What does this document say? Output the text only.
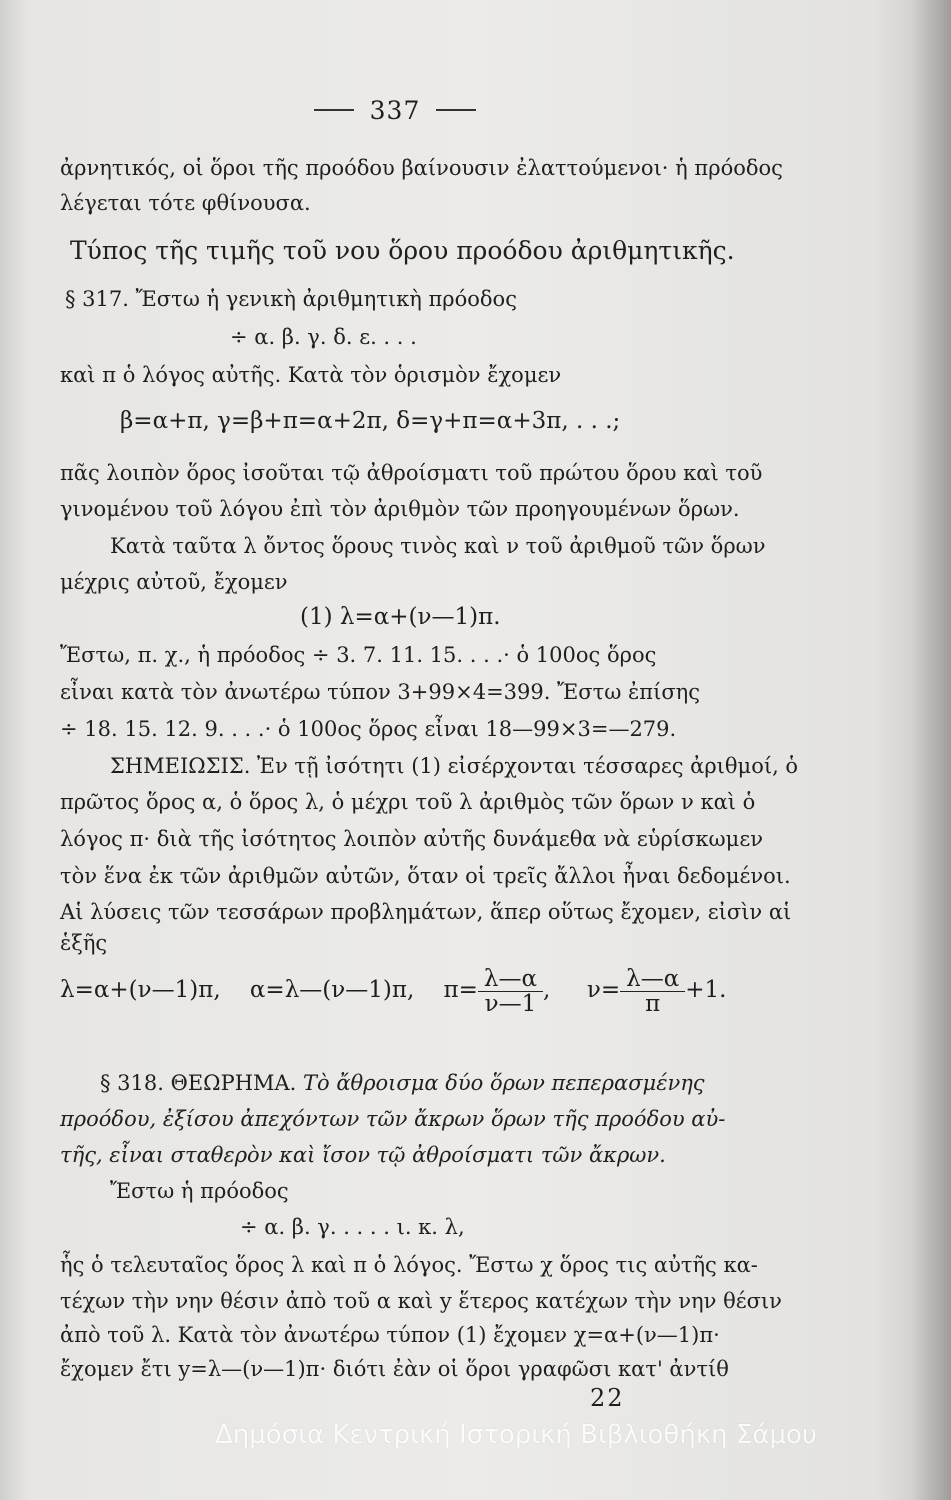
337
ἀρνητικός, οἱ ὅροι τῆς προόδου βαίνουσιν ἐλαττούμενοι· ἡ πρόοδος
λέγεται τότε φθίνουσα.
Τύπος τῆς τιμῆς τοῦ νου ὅρου προόδου ἀριθμητικῆς.
§ 317. Ἔστω ἡ γενικὴ ἀριθμητικὴ πρόοδος
÷ α. β. γ. δ. ε. . . .
καὶ π ὁ λόγος αὐτῆς. Κατὰ τὸν ὁρισμὸν ἔχομεν
β=α+π, γ=β+π=α+2π, δ=γ+π=α+3π, . . .;
πᾶς λοιπὸν ὅρος ἰσοῦται τῷ ἀθροίσματι τοῦ πρώτου ὅρου καὶ τοῦ
γινομένου τοῦ λόγου ἐπὶ τὸν ἀριθμὸν τῶν προηγουμένων ὅρων.
Κατὰ ταῦτα λ ὄντος ὅρους τινὸς καὶ ν τοῦ ἀριθμοῦ τῶν ὅρων
μέχρις αὐτοῦ, ἔχομεν
(1) λ=α+(ν—1)π.
Ἔστω, π. χ., ἡ πρόοδος ÷ 3. 7. 11. 15. . . .· ὁ 100ος ὅρος
εἶναι κατὰ τὸν ἀνωτέρω τύπον 3+99×4=399. Ἔστω ἐπίσης
÷ 18. 15. 12. 9. . . .· ὁ 100ος ὅρος εἶναι 18—99×3=—279.
ΣΗΜΕΙΩΣΙΣ. Ἐν τῇ ἰσότητι (1) εἰσέρχονται τέσσαρες ἀριθμοί, ὁ
πρῶτος ὅρος α, ὁ ὅρος λ, ὁ μέχρι τοῦ λ ἀριθμὸς τῶν ὅρων ν καὶ ὁ
λόγος π· διὰ τῆς ἰσότητος λοιπὸν αὐτῆς δυνάμεθα νὰ εὑρίσκωμεν
τὸν ἕνα ἐκ τῶν ἀριθμῶν αὐτῶν, ὅταν οἱ τρεῖς ἄλλοι ἦναι δεδομένοι.
Αἱ λύσεις τῶν τεσσάρων προβλημάτων, ἅπερ οὕτως ἔχομεν, εἰσὶν αἱ
ἑξῆς
λ=α+(ν—1)π, α=λ—(ν—1)π, $\pi= \frac{\lambda—\alpha}{\nu—1}$ , $\nu= \frac{\lambda—\alpha}{\pi} +1$.
§ 318. ΘΕΩΡΗΜΑ. Τὸ ἄθροισμα δύο ὅρων πεπερασμένης
προόδου, ἐξίσου ἀπεχόντων τῶν ἄκρων ὅρων τῆς προόδου αὐ-
τῆς, εἶναι σταθερὸν καὶ ἴσον τῷ ἀθροίσματι τῶν ἄκρων.
Ἔστω ἡ πρόοδος
÷ α. β. γ. . . . . ι. κ. λ,
ἧς ὁ τελευταῖος ὅρος λ καὶ π ὁ λόγος. Ἔστω χ ὅρος τις αὐτῆς κα-
τέχων τὴν νην θέσιν ἀπὸ τοῦ α καὶ y ἕτερος κατέχων τὴν νην θέσιν
ἀπὸ τοῦ λ. Κατὰ τὸν ἀνωτέρω τύπον (1) ἔχομεν χ=α+(ν—1)π·
ἔχομεν ἔτι y=λ—(ν—1)π· διότι ἐὰν οἱ ὅροι γραφῶσι κατ' ἀντίθ
22
Δημόσια Κεντρική Ιστορική Βιβλιοθήκη Σάμου
